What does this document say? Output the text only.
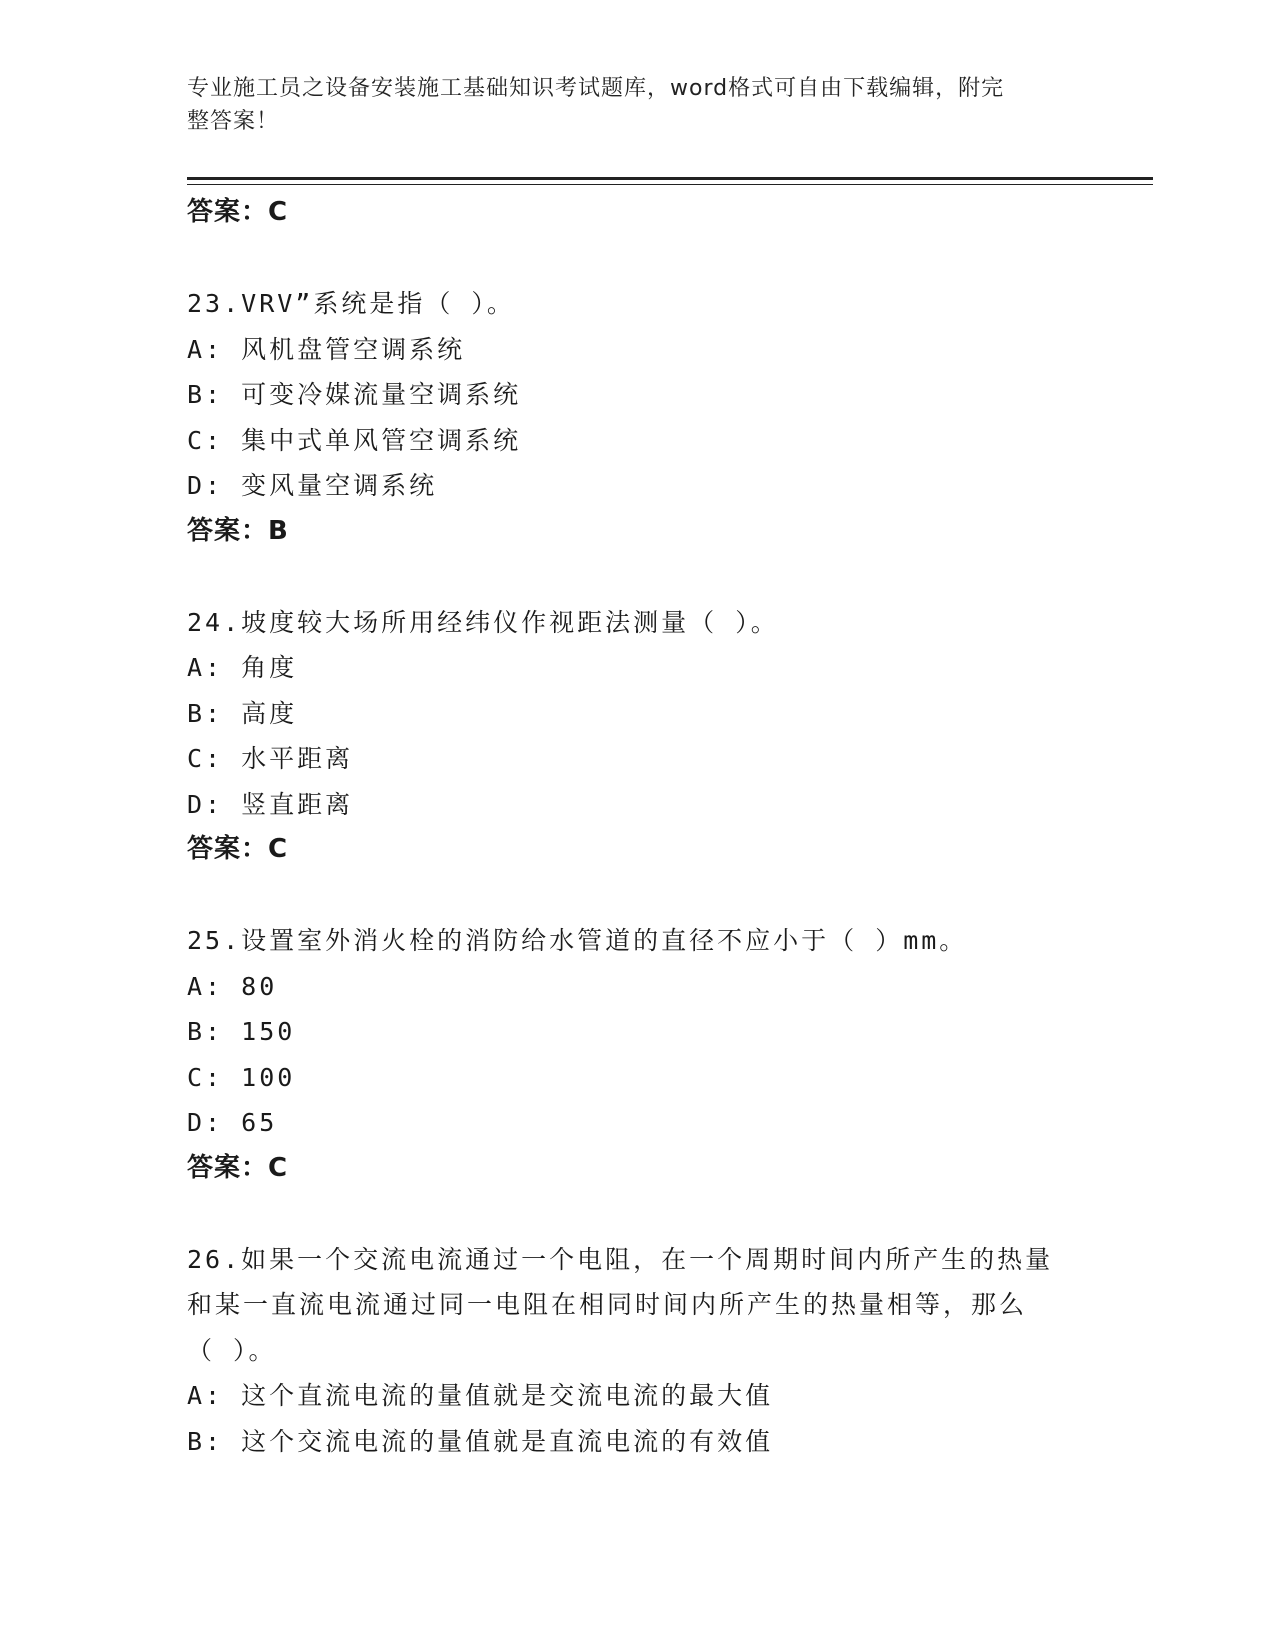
专业施工员之设备安装施工基础知识考试题库，word格式可自由下载编辑，附完
整答案！
答案：C
23.VRV”系统是指（ ）。
A: 风机盘管空调系统
B: 可变冷媒流量空调系统
C: 集中式单风管空调系统
D: 变风量空调系统
答案：B
24.坡度较大场所用经纬仪作视距法测量（ ）。
A: 角度
B: 高度
C: 水平距离
D: 竖直距离
答案：C
25.设置室外消火栓的消防给水管道的直径不应小于（ ）mm。
A: 80
B: 150
C: 100
D: 65
答案：C
26.如果一个交流电流通过一个电阻，在一个周期时间内所产生的热量
和某一直流电流通过同一电阻在相同时间内所产生的热量相等，那么
（ ）。
A: 这个直流电流的量值就是交流电流的最大值
B: 这个交流电流的量值就是直流电流的有效值
